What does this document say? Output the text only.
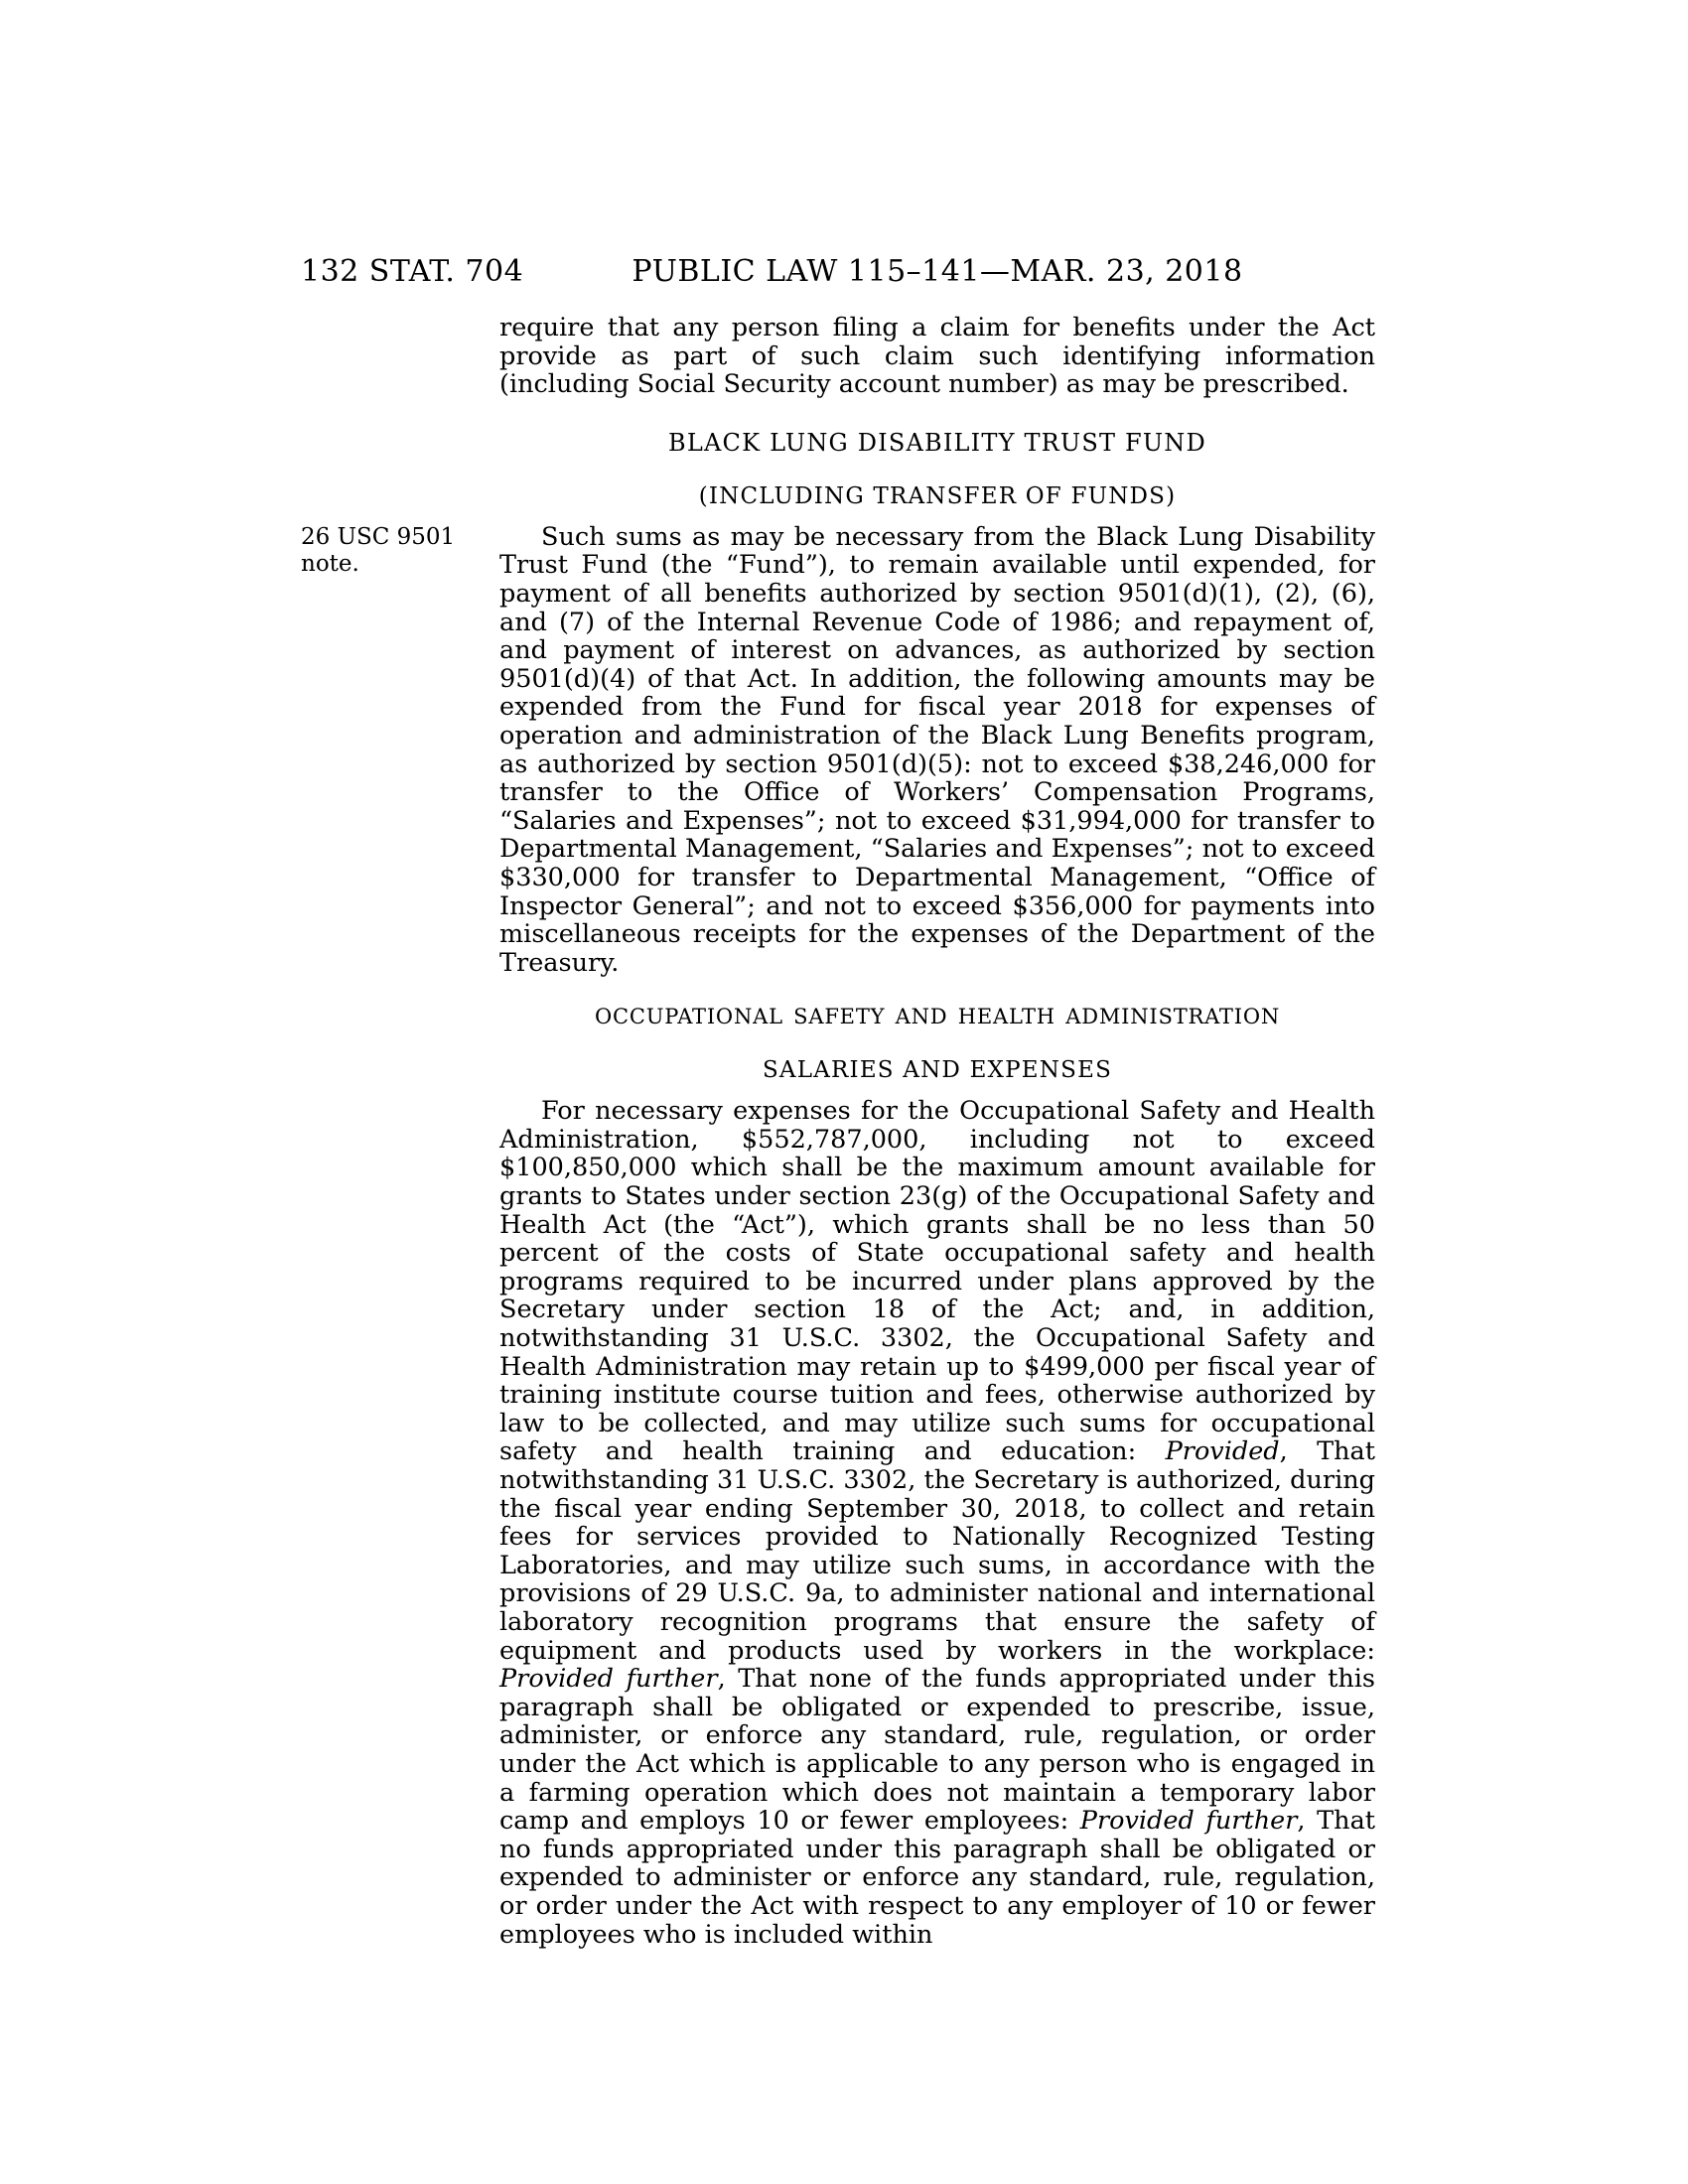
132 STAT. 704	PUBLIC LAW 115–141—MAR. 23, 2018
26 USC 9501
note.

require that any person filing a claim for benefits under the Act provide as part of such claim such identifying information (including Social Security account number) as may be prescribed.

BLACK LUNG DISABILITY TRUST FUND
(INCLUDING TRANSFER OF FUNDS)

Such sums as may be necessary from the Black Lung Disability Trust Fund (the “Fund”), to remain available until expended, for payment of all benefits authorized by section 9501(d)(1), (2), (6), and (7) of the Internal Revenue Code of 1986; and repayment of, and payment of interest on advances, as authorized by section 9501(d)(4) of that Act. In addition, the following amounts may be expended from the Fund for fiscal year 2018 for expenses of operation and administration of the Black Lung Benefits program, as authorized by section 9501(d)(5): not to exceed $38,246,000 for transfer to the Office of Workers’ Compensation Programs, “Salaries and Expenses”; not to exceed $31,994,000 for transfer to Departmental Management, “Salaries and Expenses”; not to exceed $330,000 for transfer to Departmental Management, “Office of Inspector General”; and not to exceed $356,000 for payments into miscellaneous receipts for the expenses of the Department of the Treasury.

occupational safety and health administration
SALARIES AND EXPENSES

For necessary expenses for the Occupational Safety and Health Administration, $552,787,000, including not to exceed $100,850,000 which shall be the maximum amount available for grants to States under section 23(g) of the Occupational Safety and Health Act (the “Act”), which grants shall be no less than 50 percent of the costs of State occupational safety and health programs required to be incurred under plans approved by the Secretary under section 18 of the Act; and, in addition, notwithstanding 31 U.S.C. 3302, the Occupational Safety and Health Administration may retain up to $499,000 per fiscal year of training institute course tuition and fees, otherwise authorized by law to be collected, and may utilize such sums for occupational safety and health training and education: Provided, That notwithstanding 31 U.S.C. 3302, the Secretary is authorized, during the fiscal year ending September 30, 2018, to collect and retain fees for services provided to Nationally Recognized Testing Laboratories, and may utilize such sums, in accordance with the provisions of 29 U.S.C. 9a, to administer national and international laboratory recognition programs that ensure the safety of equipment and products used by workers in the workplace: Provided further, That none of the funds appropriated under this paragraph shall be obligated or expended to prescribe, issue, administer, or enforce any standard, rule, regulation, or order under the Act which is applicable to any person who is engaged in a farming operation which does not maintain a temporary labor camp and employs 10 or fewer employees: Provided further, That no funds appropriated under this paragraph shall be obligated or expended to administer or enforce any standard, rule, regulation, or order under the Act with respect to any employer of 10 or fewer employees who is included within
